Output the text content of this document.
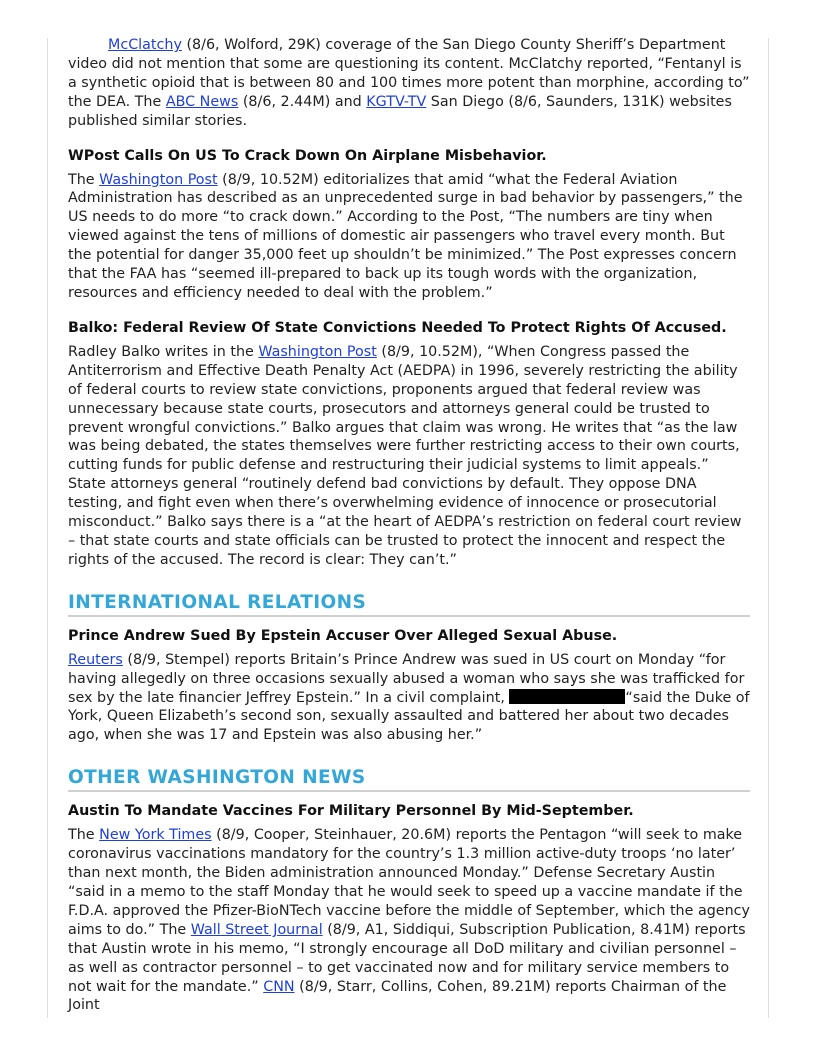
McClatchy (8/6, Wolford, 29K) coverage of the San Diego County Sheriff’s Department video did not mention that some are questioning its content. McClatchy reported, “Fentanyl is a synthetic opioid that is between 80 and 100 times more potent than morphine, according to” the DEA. The ABC News (8/6, 2.44M) and KGTV-TV San Diego (8/6, Saunders, 131K) websites published similar stories.

WPost Calls On US To Crack Down On Airplane Misbehavior.

The Washington Post (8/9, 10.52M) editorializes that amid “what the Federal Aviation Administration has described as an unprecedented surge in bad behavior by passengers,” the US needs to do more “to crack down.” According to the Post, “The numbers are tiny when viewed against the tens of millions of domestic air passengers who travel every month. But the potential for danger 35,000 feet up shouldn’t be minimized.” The Post expresses concern that the FAA has “seemed ill-prepared to back up its tough words with the organization, resources and efficiency needed to deal with the problem.”

Balko: Federal Review Of State Convictions Needed To Protect Rights Of Accused.

Radley Balko writes in the Washington Post (8/9, 10.52M), “When Congress passed the Antiterrorism and Effective Death Penalty Act (AEDPA) in 1996, severely restricting the ability of federal courts to review state convictions, proponents argued that federal review was unnecessary because state courts, prosecutors and attorneys general could be trusted to prevent wrongful convictions.” Balko argues that claim was wrong. He writes that “as the law was being debated, the states themselves were further restricting access to their own courts, cutting funds for public defense and restructuring their judicial systems to limit appeals.” State attorneys general “routinely defend bad convictions by default. They oppose DNA testing, and fight even when there’s overwhelming evidence of innocence or prosecutorial misconduct.” Balko says there is a “at the heart of AEDPA’s restriction on federal court review – that state courts and state officials can be trusted to protect the innocent and respect the rights of the accused. The record is clear: They can’t.”

INTERNATIONAL RELATIONS
Prince Andrew Sued By Epstein Accuser Over Alleged Sexual Abuse.

Reuters (8/9, Stempel) reports Britain’s Prince Andrew was sued in US court on Monday “for having allegedly on three occasions sexually abused a woman who says she was trafficked for sex by the late financier Jeffrey Epstein.” In a civil complaint,	“said the Duke of York, Queen Elizabeth’s second son, sexually assaulted and battered her about two decades ago, when she was 17 and Epstein was also abusing her.”

OTHER WASHINGTON NEWS
Austin To Mandate Vaccines For Military Personnel By Mid-September.

The New York Times (8/9, Cooper, Steinhauer, 20.6M) reports the Pentagon “will seek to make coronavirus vaccinations mandatory for the country’s 1.3 million active-duty troops ‘no later’ than next month, the Biden administration announced Monday.” Defense Secretary Austin “said in a memo to the staff Monday that he would seek to speed up a vaccine mandate if the F.D.A. approved the Pfizer-BioNTech vaccine before the middle of September, which the agency aims to do.” The Wall Street Journal (8/9, A1, Siddiqui, Subscription Publication, 8.41M) reports that Austin wrote in his memo, “I strongly encourage all DoD military and civilian personnel – as well as contractor personnel – to get vaccinated now and for military service members to not wait for the mandate.” CNN (8/9, Starr, Collins, Cohen, 89.21M) reports Chairman of the Joint
